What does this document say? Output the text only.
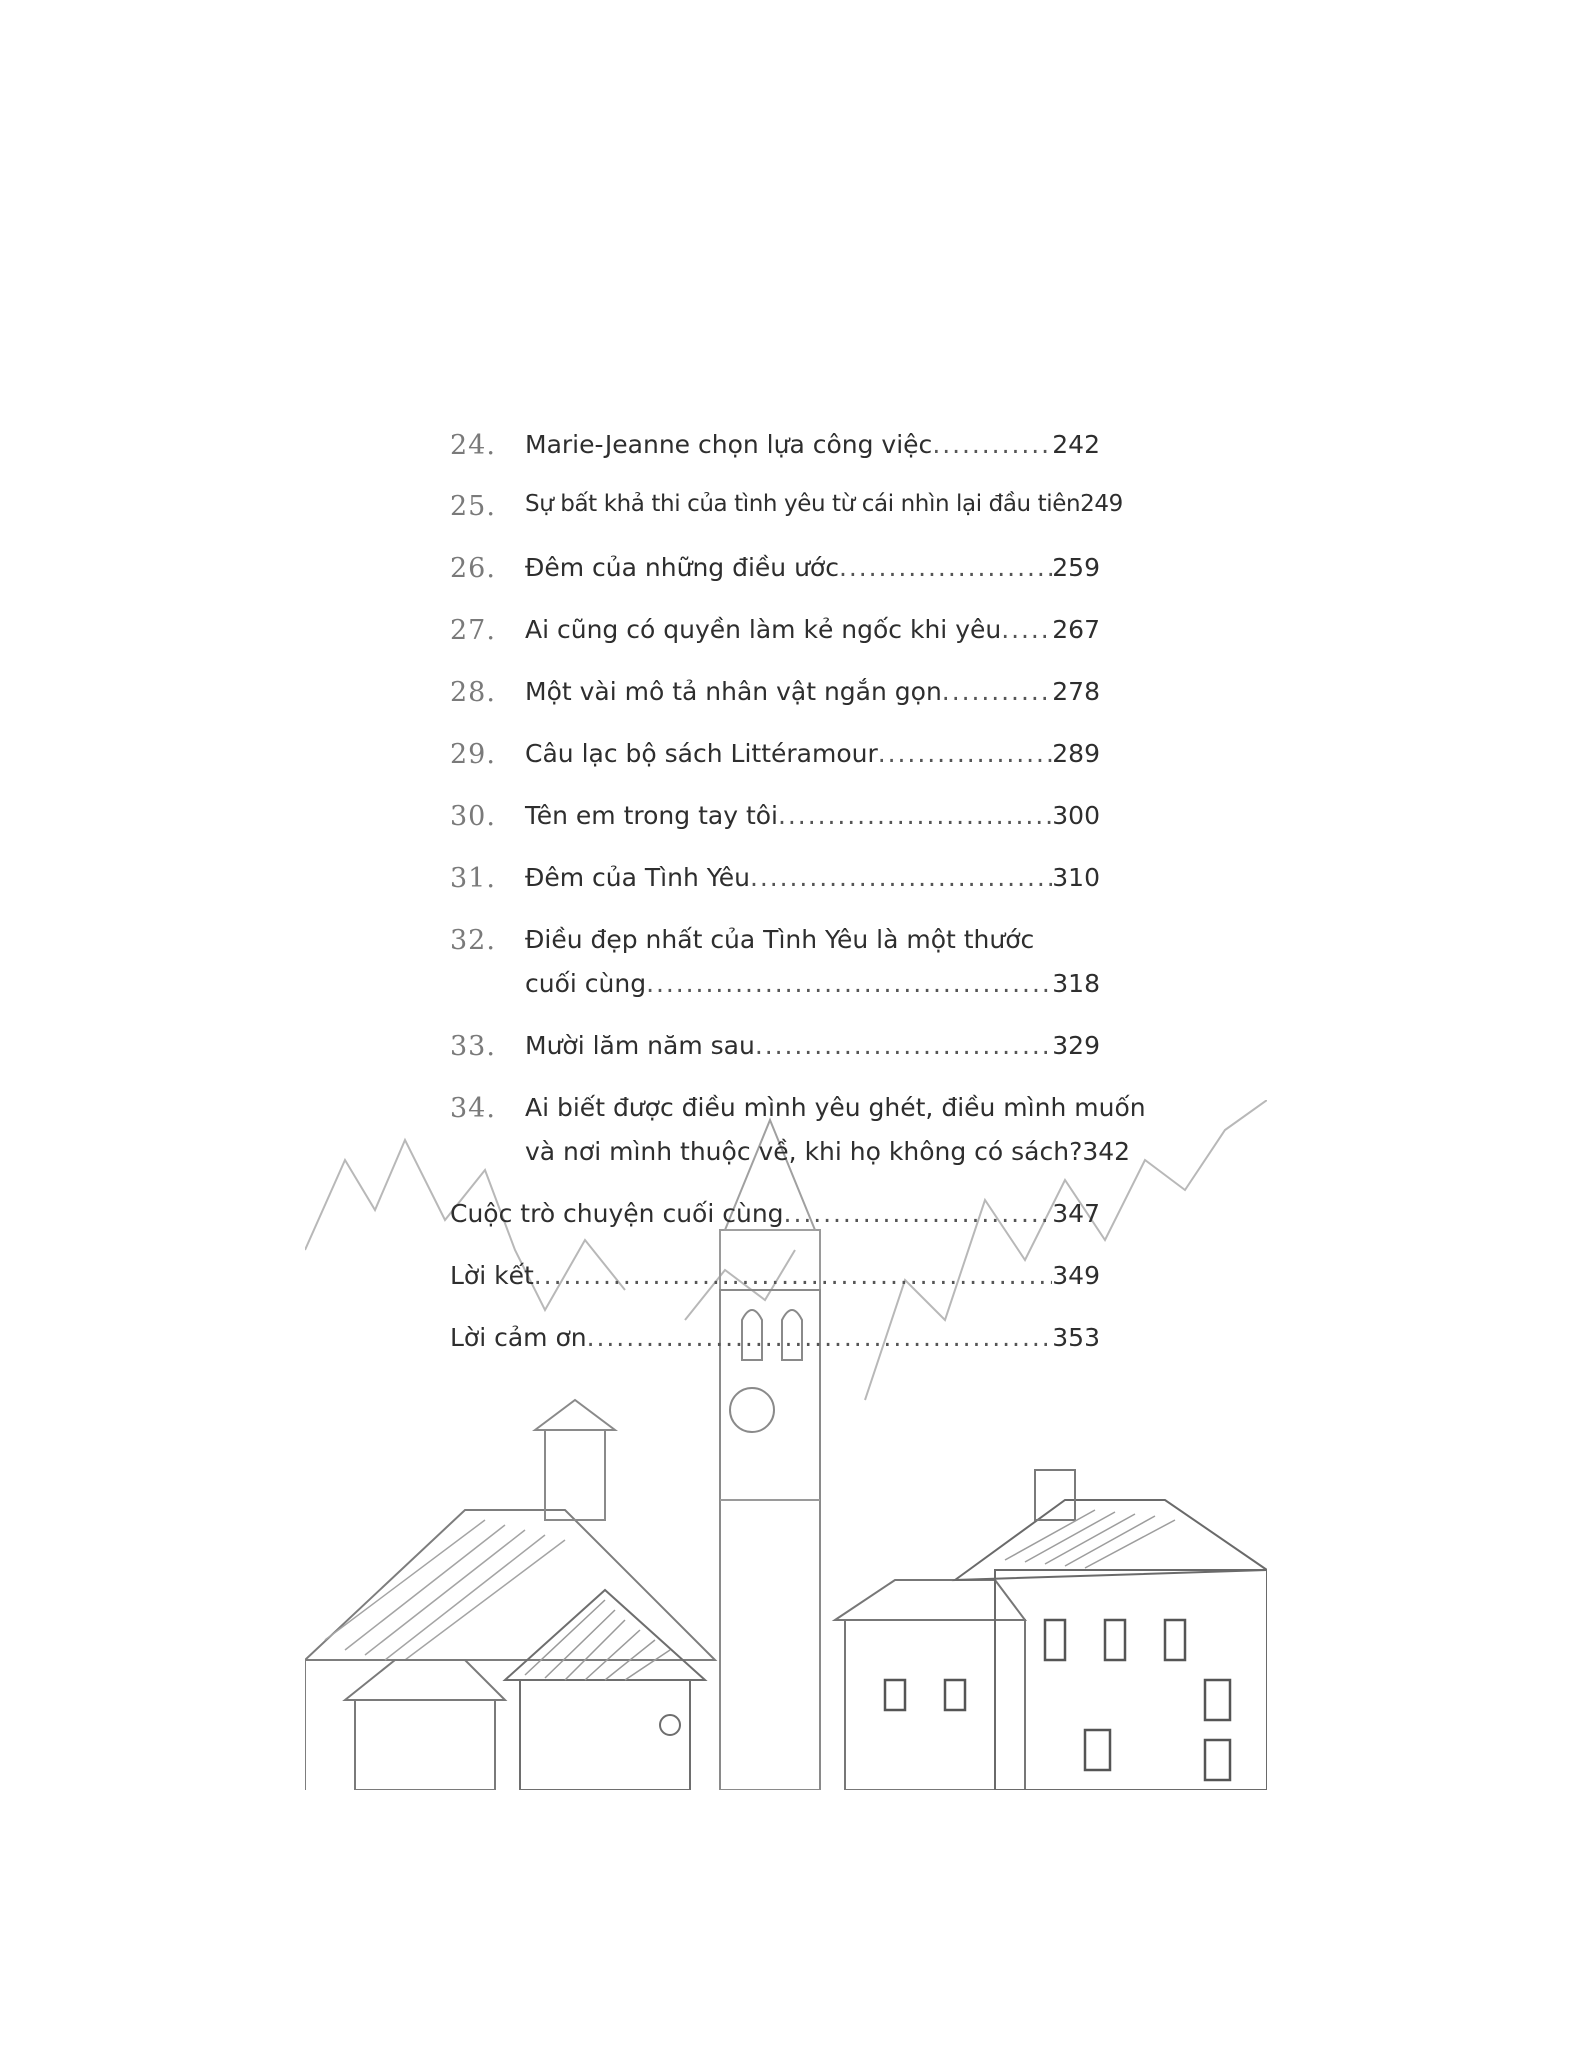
24.	Marie-Jeanne chọn lựa công việc . . .	242
25.	Sự bất khả thi của tình yêu từ cái nhìn lại đầu tiên 249
26.	Đêm của những điều ước . . .	259
27.	Ai cũng có quyền làm kẻ ngốc khi yêu . . . 267
28.	Một vài mô tả nhân vật ngắn gọn . . .	278
29.	Câu lạc bộ sách Littéramour . . .	289
30.	Tên em trong tay tôi . . .	300
31.	Đêm của Tình Yêu . . .	310
32.	Điều đẹp nhất của Tình Yêu là một thước
cuối cùng . . .	318
33.	Mười lăm năm sau . . .	329
34.	Ai biết được điều mình yêu ghét, điều mình muốn
và nơi mình thuộc về, khi họ không có sách? 342
Cuộc trò chuyện cuối cùng . . .	347
Lời kết . . .	349
Lời cảm ơn . . .	353
